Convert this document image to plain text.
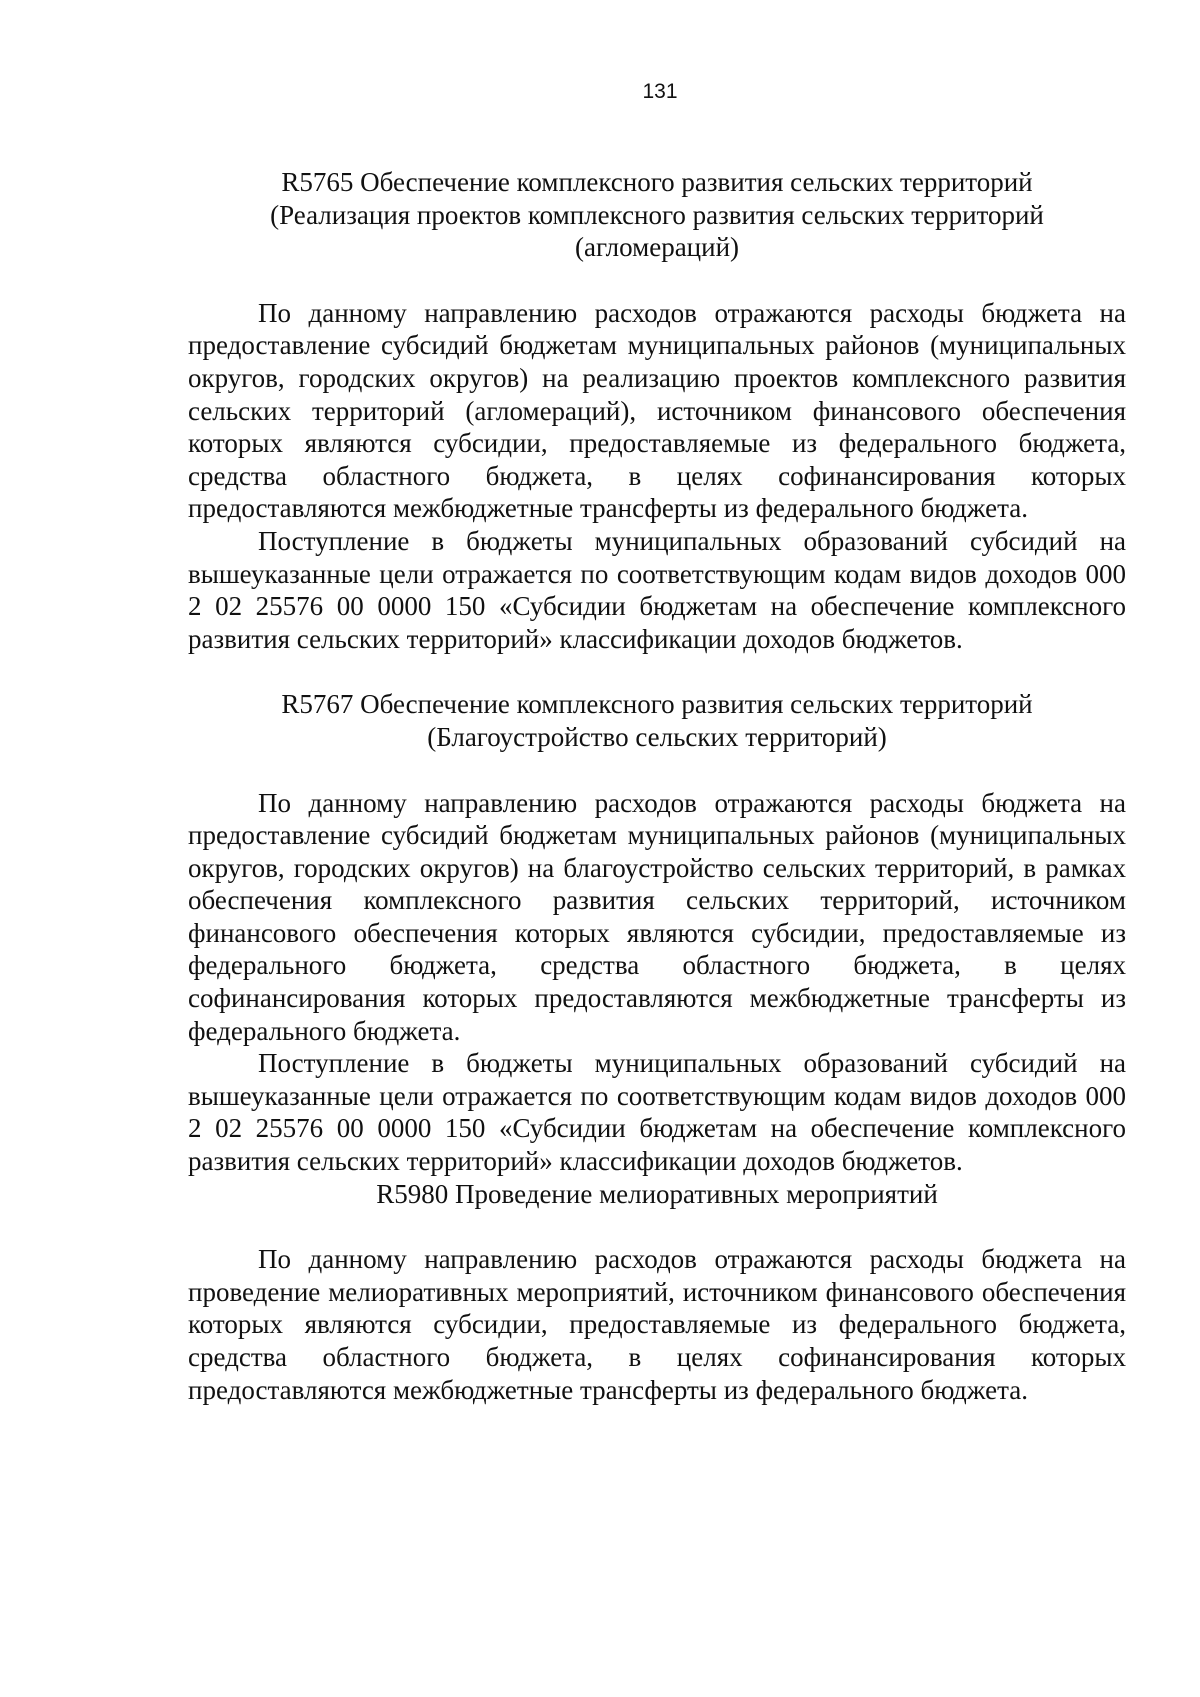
131

R5765 Обеспечение комплексного развития сельских территорий

(Реализация проектов комплексного развития сельских территорий

(агломераций)

По данному направлению расходов отражаются расходы бюджета на предоставление субсидий бюджетам муниципальных районов (муниципальных округов, городских округов) на реализацию проектов комплексного развития сельских территорий (агломераций), источником финансового обеспечения которых являются субсидии, предоставляемые из федерального бюджета, средства областного бюджета, в целях софинансирования которых предоставляются межбюджетные трансферты из федерального бюджета.

Поступление в бюджеты муниципальных образований субсидий на вышеуказанные цели отражается по соответствующим кодам видов доходов 000 2 02 25576 00 0000 150 «Субсидии бюджетам на обеспечение комплексного развития сельских территорий» классификации доходов бюджетов.

R5767 Обеспечение комплексного развития сельских территорий

(Благоустройство сельских территорий)

По данному направлению расходов отражаются расходы бюджета на предоставление субсидий бюджетам муниципальных районов (муниципальных округов, городских округов) на благоустройство сельских территорий, в рамках обеспечения комплексного развития сельских территорий, источником финансового обеспечения которых являются субсидии, предоставляемые из федерального бюджета, средства областного бюджета, в целях софинансирования которых предоставляются межбюджетные трансферты из федерального бюджета.

Поступление в бюджеты муниципальных образований субсидий на вышеуказанные цели отражается по соответствующим кодам видов доходов 000 2 02 25576 00 0000 150 «Субсидии бюджетам на обеспечение комплексного развития сельских территорий» классификации доходов бюджетов.

R5980 Проведение мелиоративных мероприятий

По данному направлению расходов отражаются расходы бюджета на проведение мелиоративных мероприятий, источником финансового обеспечения которых являются субсидии, предоставляемые из федерального бюджета, средства областного бюджета, в целях софинансирования которых предоставляются межбюджетные трансферты из федерального бюджета.
